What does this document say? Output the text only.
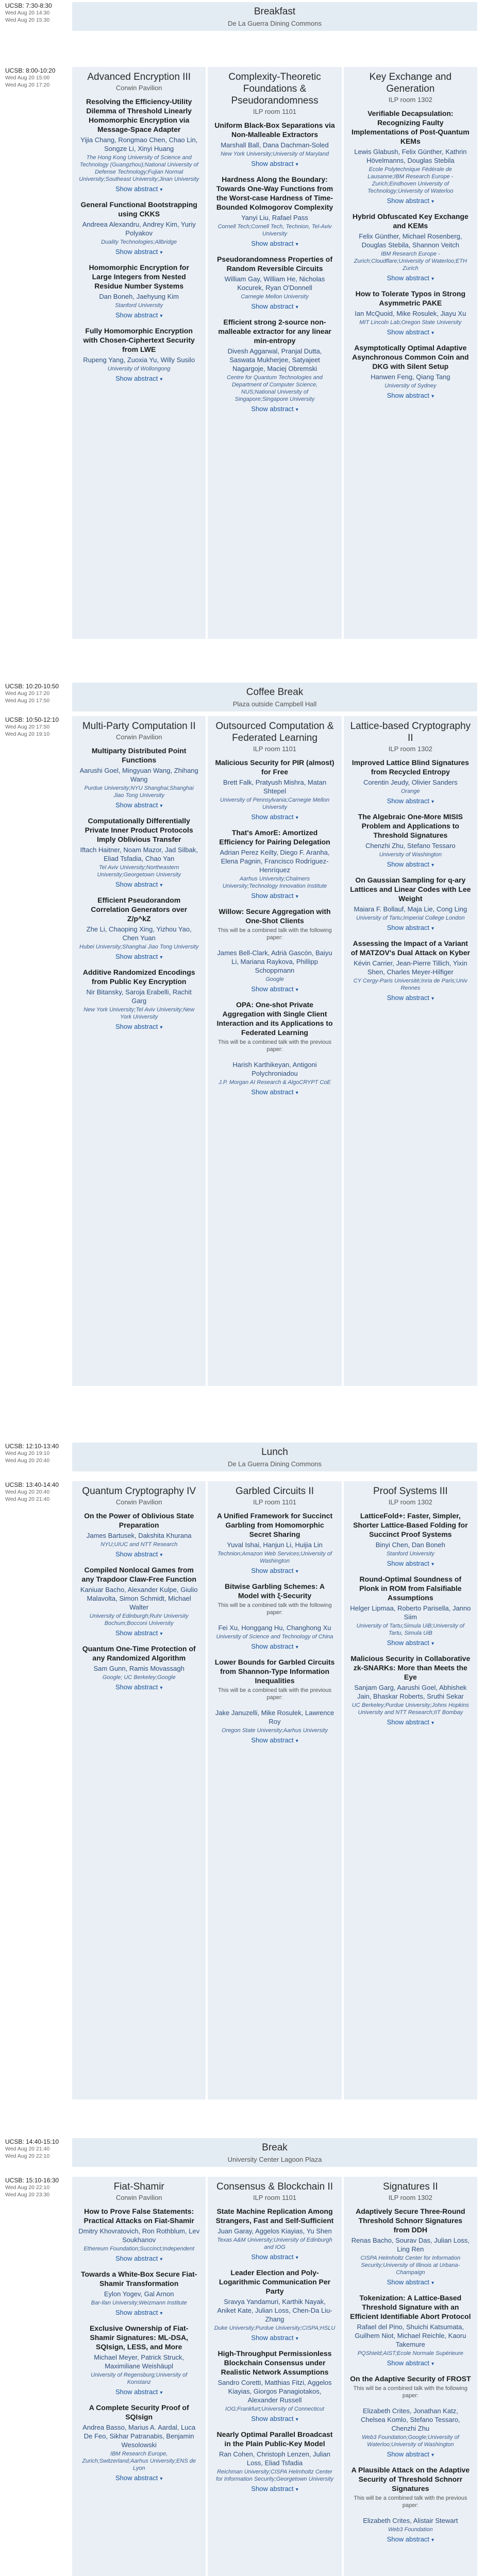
UCSB: 7:30-8:30
Wed Aug 20 14:30
Wed Aug 20 15:30
Breakfast
De La Guerra Dining Commons
UCSB: 8:00-10:20
Wed Aug 20 15:00
Wed Aug 20 17:20
Advanced Encryption III
Corwin Pavilion
Resolving the Efficiency-Utility Dilemma of Threshold Linearly Homomorphic Encryption via Message-Space Adapter
Yijia Chang, Rongmao Chen, Chao Lin, Songze Li, Xinyi Huang
The Hong Kong University of Science and Technology (Guangzhou);National University of Defense Technology;Fujian Normal University;Southeast University;Jinan University
Show abstract ▾
General Functional Bootstrapping using CKKS
Andreea Alexandru, Andrey Kim, Yuriy Polyakov
Duality Technologies;Allbridge
Show abstract ▾
Homomorphic Encryption for Large Integers from Nested Residue Number Systems
Dan Boneh, Jaehyung Kim
Stanford University
Show abstract ▾
Fully Homomorphic Encryption with Chosen-Ciphertext Security from LWE
Rupeng Yang, Zuoxia Yu, Willy Susilo
University of Wollongong
Show abstract ▾
Complexity-Theoretic Foundations & Pseudorandomness
ILP room 1101
Uniform Black-Box Separations via Non-Malleable Extractors
Marshall Ball, Dana Dachman-Soled
New York University;University of Maryland
Show abstract ▾
Hardness Along the Boundary: Towards One-Way Functions from the Worst-case Hardness of Time-Bounded Kolmogorov Complexity
Yanyi Liu, Rafael Pass
Cornell Tech;Cornell Tech, Technion, Tel-Aviv University
Show abstract ▾
Pseudorandomness Properties of Random Reversible Circuits
William Gay, William He, Nicholas Kocurek, Ryan O'Donnell
Carnegie Mellon University
Show abstract ▾
Efficient strong 2-source non-malleable extractor for any linear min-entropy
Divesh Aggarwal, Pranjal Dutta, Saswata Mukherjee, Satyajeet Nagargoje, Maciej Obremski
Centre for Quantum Technologies and Department of Computer Science, NUS;National University of Singapore;Singapore University
Show abstract ▾
Key Exchange and Generation
ILP room 1302
Verifiable Decapsulation: Recognizing Faulty Implementations of Post-Quantum KEMs
Lewis Glabush, Felix Günther, Kathrin Hövelmanns, Douglas Stebila
Ecole Polytechnique Fédérale de Lausanne;IBM Research Europe - Zurich;Eindhoven University of Technology;University of Waterloo
Show abstract ▾
Hybrid Obfuscated Key Exchange and KEMs
Felix Günther, Michael Rosenberg, Douglas Stebila, Shannon Veitch
IBM Research Europe - Zurich;Cloudflare;University of Waterloo;ETH Zurich
Show abstract ▾
How to Tolerate Typos in Strong Asymmetric PAKE
Ian McQuoid, Mike Rosulek, Jiayu Xu
MIT Lincoln Lab;Oregon State University
Show abstract ▾
Asymptotically Optimal Adaptive Asynchronous Common Coin and DKG with Silent Setup
Hanwen Feng, Qiang Tang
University of Sydney
Show abstract ▾
UCSB: 10:20-10:50
Wed Aug 20 17:20
Wed Aug 20 17:50
Coffee Break
Plaza outside Campbell Hall
UCSB: 10:50-12:10
Wed Aug 20 17:50
Wed Aug 20 19:10
Multi-Party Computation II
Corwin Pavilion
Multiparty Distributed Point Functions
Aarushi Goel, Mingyuan Wang, Zhihang Wang
Purdue University;NYU Shanghai;Shanghai Jiao Tong University
Show abstract ▾
Computationally Differentially Private Inner Product Protocols Imply Oblivious Transfer
Iftach Haitner, Noam Mazor, Jad Silbak, Eliad Tsfadia, Chao Yan
Tel Aviv University;Northeastern University;Georgetown University
Show abstract ▾
Efficient Pseudorandom Correlation Generators over Z/p^kZ
Zhe Li, Chaoping Xing, Yizhou Yao, Chen Yuan
Hubei University;Shanghai Jiao Tong University
Show abstract ▾
Additive Randomized Encodings from Public Key Encryption
Nir Bitansky, Saroja Erabelli, Rachit Garg
New York University;Tel Aviv University;New York University
Show abstract ▾
Outsourced Computation & Federated Learning
ILP room 1101
Malicious Security for PIR (almost) for Free
Brett Falk, Pratyush Mishra, Matan Shtepel
University of Pennsylvania;Carnegie Mellon University
Show abstract ▾
That's AmorE: Amortized Efficiency for Pairing Delegation
Adrian Perez Keilty, Diego F. Aranha, Elena Pagnin, Francisco Rodríguez-Henríquez
Aarhus University;Chalmers University;Technology Innovation Institute
Show abstract ▾
Willow: Secure Aggregation with One-Shot Clients
This will be a combined talk with the following paper:
James Bell-Clark, Adrià Gascón, Baiyu Li, Mariana Raykova, Phillipp Schoppmann
Google
Show abstract ▾
OPA: One-shot Private Aggregation with Single Client Interaction and its Applications to Federated Learning
This will be a combined talk with the previous paper:
Harish Karthikeyan, Antigoni Polychroniadou
J.P. Morgan AI Research & AlgoCRYPT CoE
Show abstract ▾
Lattice-based Cryptography II
ILP room 1302
Improved Lattice Blind Signatures from Recycled Entropy
Corentin Jeudy, Olivier Sanders
Orange
Show abstract ▾
The Algebraic One-More MISIS Problem and Applications to Threshold Signatures
Chenzhi Zhu, Stefano Tessaro
University of Washington
Show abstract ▾
On Gaussian Sampling for q-ary Lattices and Linear Codes with Lee Weight
Maiara F. Bollauf, Maja Lie, Cong Ling
University of Tartu;Imperial College London
Show abstract ▾
Assessing the Impact of a Variant of MATZOV's Dual Attack on Kyber
Kévin Carrier, Jean-Pierre Tillich, Yixin Shen, Charles Meyer-Hilfiger
CY Cergy-Paris Université;Inria de Paris;Univ Rennes
Show abstract ▾
UCSB: 12:10-13:40
Wed Aug 20 19:10
Wed Aug 20 20:40
Lunch
De La Guerra Dining Commons
UCSB: 13:40-14:40
Wed Aug 20 20:40
Wed Aug 20 21:40
Quantum Cryptography IV
Corwin Pavilion
On the Power of Oblivious State Preparation
James Bartusek, Dakshita Khurana
NYU;UIUC and NTT Research
Show abstract ▾
Compiled Nonlocal Games from any Trapdoor Claw-Free Function
Kaniuar Bacho, Alexander Kulpe, Giulio Malavolta, Simon Schmidt, Michael Walter
University of Edinburgh;Ruhr University Bochum;Bocconi University
Show abstract ▾
Quantum One-Time Protection of any Randomized Algorithm
Sam Gunn, Ramis Movassagh
Google; UC Berkeley;Google
Show abstract ▾
Garbled Circuits II
ILP room 1101
A Unified Framework for Succinct Garbling from Homomorphic Secret Sharing
Yuval Ishai, Hanjun Li, Huijia Lin
Technion;Amazon Web Services;University of Washington
Show abstract ▾
Bitwise Garbling Schemes: A Model with ξ-Security
This will be a combined talk with the following paper:
Fei Xu, Honggang Hu, Changhong Xu
University of Science and Technology of China
Show abstract ▾
Lower Bounds for Garbled Circuits from Shannon-Type Information Inequalities
This will be a combined talk with the previous paper:
Jake Januzelli, Mike Rosulek, Lawrence Roy
Oregon State University;Aarhus University
Show abstract ▾
Proof Systems III
ILP room 1302
LatticeFold+: Faster, Simpler, Shorter Lattice-Based Folding for Succinct Proof Systems
Binyi Chen, Dan Boneh
Stanford University
Show abstract ▾
Round-Optimal Soundness of Plonk in ROM from Falsifiable Assumptions
Helger Lipmaa, Roberto Parisella, Janno Siim
University of Tartu;Simula UiB;University of Tartu, Simula UiB
Show abstract ▾
Malicious Security in Collaborative zk-SNARKs: More than Meets the Eye
Sanjam Garg, Aarushi Goel, Abhishek Jain, Bhaskar Roberts, Sruthi Sekar
UC Berkeley;Purdue University;Johns Hopkins University and NTT Research;IIT Bombay
Show abstract ▾
UCSB: 14:40-15:10
Wed Aug 20 21:40
Wed Aug 20 22:10
Break
University Center Lagoon Plaza
UCSB: 15:10-16:30
Wed Aug 20 22:10
Wed Aug 20 23:30
Fiat-Shamir
Corwin Pavilion
How to Prove False Statements: Practical Attacks on Fiat-Shamir
Dmitry Khovratovich, Ron Rothblum, Lev Soukhanov
Ethereum Foundation;Succinct;Independent
Show abstract ▾
Towards a White-Box Secure Fiat-Shamir Transformation
Eylon Yogev, Gal Arnon
Bar-Ilan University;Weizmann Institute
Show abstract ▾
Exclusive Ownership of Fiat-Shamir Signatures: ML-DSA, SQIsign, LESS, and More
Michael Meyer, Patrick Struck, Maximiliane Weishäupl
University of Regensburg;University of Konstanz
Show abstract ▾
A Complete Security Proof of SQIsign
Andrea Basso, Marius A. Aardal, Luca De Feo, Sikhar Patranabis, Benjamin Wesolowski
IBM Research Europe, Zurich;Switzerland;Aarhus University;ENS de Lyon
Show abstract ▾
Consensus & Blockchain II
ILP room 1101
State Machine Replication Among Strangers, Fast and Self-Sufficient
Juan Garay, Aggelos Kiayias, Yu Shen
Texas A&M University;University of Edinburgh and IOG
Show abstract ▾
Leader Election and Poly-Logarithmic Communication Per Party
Sravya Yandamuri, Karthik Nayak, Aniket Kate, Julian Loss, Chen-Da Liu-Zhang
Duke University;Purdue University;CISPA;HSLU
Show abstract ▾
High-Throughput Permissionless Blockchain Consensus under Realistic Network Assumptions
Sandro Coretti, Matthias Fitzi, Aggelos Kiayias, Giorgos Panagiotakos, Alexander Russell
IOG;Frankfurt;University of Connecticut
Show abstract ▾
Nearly Optimal Parallel Broadcast in the Plain Public-Key Model
Ran Cohen, Christoph Lenzen, Julian Loss, Eliad Tsfadia
Reichman University;CISPA Helmholtz Center for Information Security;Georgetown University
Show abstract ▾
Signatures II
ILP room 1302
Adaptively Secure Three-Round Threshold Schnorr Signatures from DDH
Renas Bacho, Sourav Das, Julian Loss, Ling Ren
CISPA Helmholtz Center for Information Security;University of Illinois at Urbana-Champaign
Show abstract ▾
Tokenization: A Lattice-Based Threshold Signature with an Efficient Identifiable Abort Protocol
Rafael del Pino, Shuichi Katsumata, Guilhem Niot, Michael Reichle, Kaoru Takemure
PQShield;AIST;Ecole Normale Supérieure
Show abstract ▾
On the Adaptive Security of FROST
This will be a combined talk with the following paper:
Elizabeth Crites, Jonathan Katz, Chelsea Komlo, Stefano Tessaro, Chenzhi Zhu
Web3 Foundation;Google;University of Waterloo;University of Washington
Show abstract ▾
A Plausible Attack on the Adaptive Security of Threshold Schnorr Signatures
This will be a combined talk with the previous paper:
Elizabeth Crites, Alistair Stewart
Web3 Foundation
Show abstract ▾
